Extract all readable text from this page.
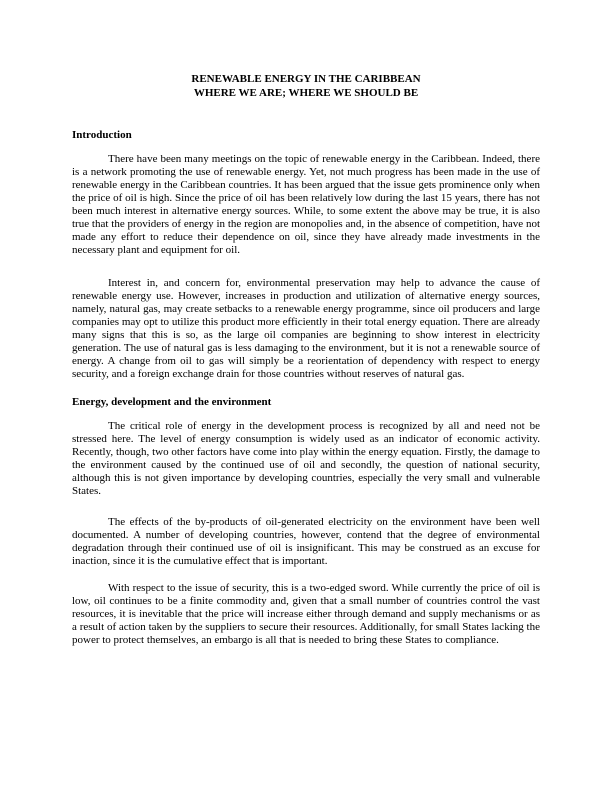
RENEWABLE ENERGY IN THE CARIBBEAN
WHERE WE ARE; WHERE WE SHOULD BE
Introduction

There have been many meetings on the topic of renewable energy in the Caribbean. Indeed, there is a network promoting the use of renewable energy. Yet, not much progress has been made in the use of renewable energy in the Caribbean countries. It has been argued that the issue gets prominence only when the price of oil is high. Since the price of oil has been relatively low during the last 15 years, there has not been much interest in alternative energy sources. While, to some extent the above may be true, it is also true that the providers of energy in the region are monopolies and, in the absence of competition, have not made any effort to reduce their dependence on oil, since they have already made investments in the necessary plant and equipment for oil.

Interest in, and concern for, environmental preservation may help to advance the cause of renewable energy use. However, increases in production and utilization of alternative energy sources, namely, natural gas, may create setbacks to a renewable energy programme, since oil producers and large companies may opt to utilize this product more efficiently in their total energy equation. There are already many signs that this is so, as the large oil companies are beginning to show interest in electricity generation. The use of natural gas is less damaging to the environment, but it is not a renewable source of energy. A change from oil to gas will simply be a reorientation of dependency with respect to energy security, and a foreign exchange drain for those countries without reserves of natural gas.

Energy, development and the environment

The critical role of energy in the development process is recognized by all and need not be stressed here. The level of energy consumption is widely used as an indicator of economic activity. Recently, though, two other factors have come into play within the energy equation. Firstly, the damage to the environment caused by the continued use of oil and secondly, the question of national security, although this is not given importance by developing countries, especially the very small and vulnerable States.

The effects of the by-products of oil-generated electricity on the environment have been well documented. A number of developing countries, however, contend that the degree of environmental degradation through their continued use of oil is insignificant. This may be construed as an excuse for inaction, since it is the cumulative effect that is important.

With respect to the issue of security, this is a two-edged sword. While currently the price of oil is low, oil continues to be a finite commodity and, given that a small number of countries control the vast resources, it is inevitable that the price will increase either through demand and supply mechanisms or as a result of action taken by the suppliers to secure their resources. Additionally, for small States lacking the power to protect themselves, an embargo is all that is needed to bring these States to compliance.
